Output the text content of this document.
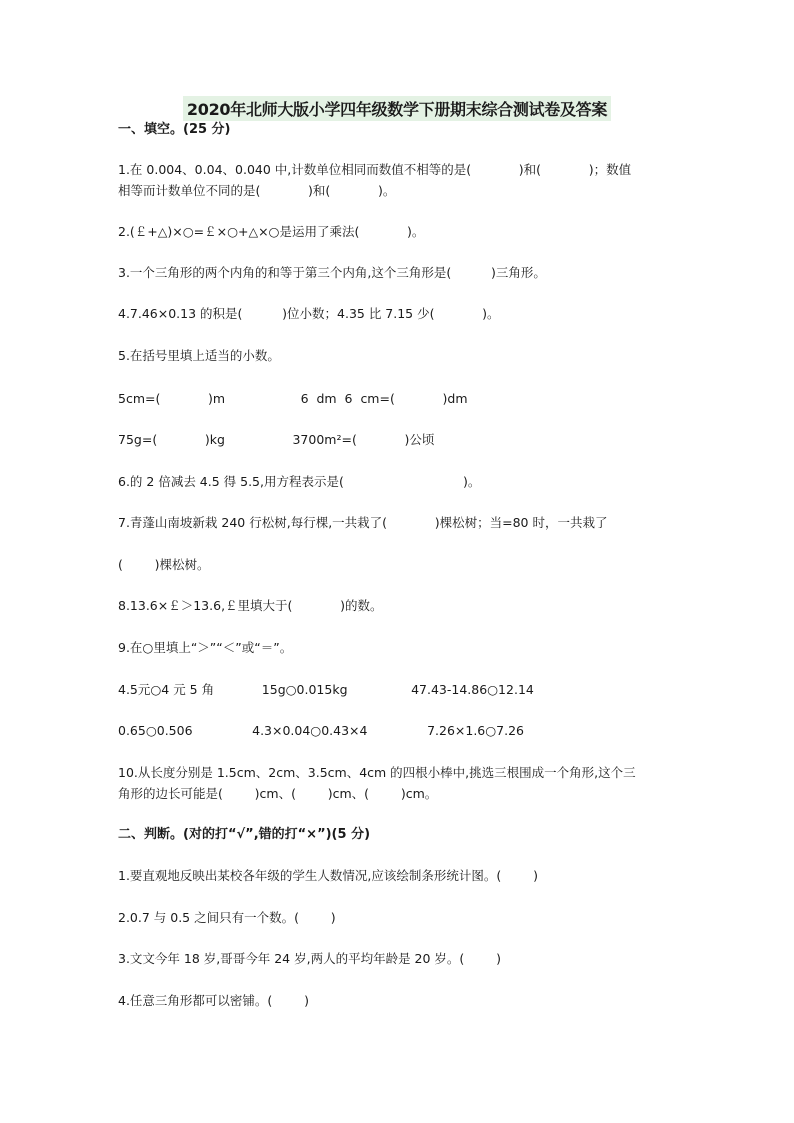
2020年北师大版小学四年级数学下册期末综合测试卷及答案
一、填空。(25 分)
1.在 0.004、0.04、0.040 中,计数单位相同而数值不相等的是(            )和(            )；数值
相等而计数单位不同的是(            )和(            )。
2.(￡+△)×○=￡×○+△×○是运用了乘法(            )。
3.一个三角形的两个内角的和等于第三个内角,这个三角形是(          )三角形。
4.7.46×0.13 的积是(          )位小数；4.35 比 7.15 少(            )。
5.在括号里填上适当的小数。
5cm=(            )m                   6  dm  6  cm=(            )dm
75g=(            )kg                 3700m²=(            )公顷
6.的 2 倍减去 4.5 得 5.5,用方程表示是(                              )。
7.青蓬山南坡新栽 240 行松树,每行棵,一共栽了(            )棵松树；当=80 时，一共栽了
(        )棵松树。
8.13.6×￡＞13.6,￡里填大于(            )的数。
9.在○里填上“＞”“＜”或“＝”。
4.5元○4 元 5 角            15g○0.015kg                47.43-14.86○12.14
0.65○0.506               4.3×0.04○0.43×4               7.26×1.6○7.26
10.从长度分别是 1.5cm、2cm、3.5cm、4cm 的四根小棒中,挑选三根围成一个角形,这个三
角形的边长可能是(        )cm、(        )cm、(        )cm。
二、判断。(对的打“√”,错的打“×”)(5 分)
1.要直观地反映出某校各年级的学生人数情况,应该绘制条形统计图。(        )
2.0.7 与 0.5 之间只有一个数。(        )
3.文文今年 18 岁,哥哥今年 24 岁,两人的平均年龄是 20 岁。(        )
4.任意三角形都可以密铺。(        )
